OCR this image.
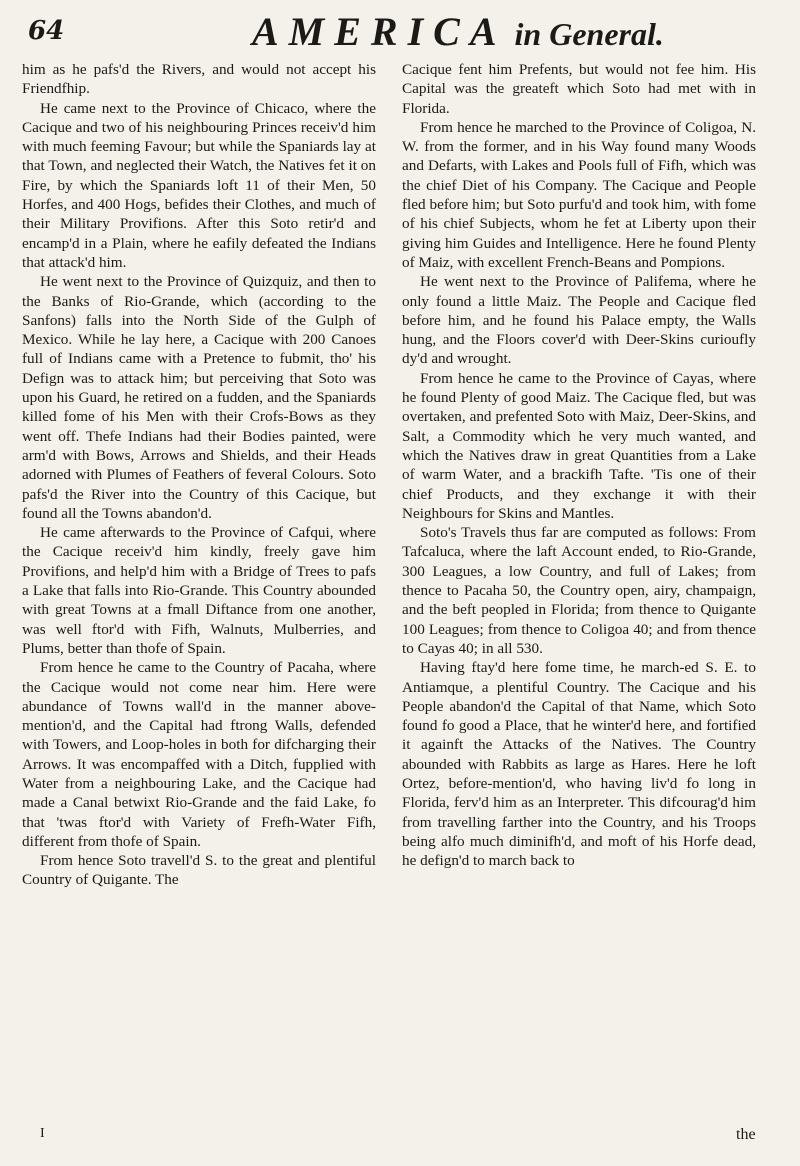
64	AMERICA in General.

him as he pafs'd the Rivers, and would not accept his Friendfhip.

He came next to the Province of Chicaco, where the Cacique and two of his neighbouring Princes receiv'd him with much feeming Favour; but while the Spaniards lay at that Town, and neglected their Watch, the Natives fet it on Fire, by which the Spaniards loft 11 of their Men, 50 Horfes, and 400 Hogs, befides their Clothes, and much of their Military Provifions. After this Soto retir'd and encamp'd in a Plain, where he eafily defeated the Indians that attack'd him.

He went next to the Province of Quizquiz, and then to the Banks of Rio-Grande, which (according to the Sanfons) falls into the North Side of the Gulph of Mexico. While he lay here, a Cacique with 200 Canoes full of Indians came with a Pretence to fubmit, tho' his Defign was to attack him; but perceiving that Soto was upon his Guard, he retired on a fudden, and the Spaniards killed fome of his Men with their Crofs-Bows as they went off. Thefe Indians had their Bodies painted, were arm'd with Bows, Arrows and Shields, and their Heads adorned with Plumes of Feathers of feveral Colours. Soto pafs'd the River into the Country of this Cacique, but found all the Towns abandon'd.

He came afterwards to the Province of Cafqui, where the Cacique receiv'd him kindly, freely gave him Provifions, and help'd him with a Bridge of Trees to pafs a Lake that falls into Rio-Grande. This Country abounded with great Towns at a fmall Diftance from one another, was well ftor'd with Fifh, Walnuts, Mulberries, and Plums, better than thofe of Spain.

From hence he came to the Country of Pacaha, where the Cacique would not come near him. Here were abundance of Towns wall'd in the manner above-mention'd, and the Capital had ftrong Walls, defended with Towers, and Loop-holes in both for difcharging their Arrows. It was encompaffed with a Ditch, fupplied with Water from a neighbouring Lake, and the Cacique had made a Canal betwixt Rio-Grande and the faid Lake, fo that 'twas ftor'd with Variety of Frefh-Water Fifh, different from thofe of Spain.

From hence Soto travell'd S. to the great and plentiful Country of Quigante. The

Cacique fent him Prefents, but would not fee him. His Capital was the greateft which Soto had met with in Florida.

From hence he marched to the Province of Coligoa, N. W. from the former, and in his Way found many Woods and Defarts, with Lakes and Pools full of Fifh, which was the chief Diet of his Company. The Cacique and People fled before him; but Soto purfu'd and took him, with fome of his chief Subjects, whom he fet at Liberty upon their giving him Guides and Intelligence. Here he found Plenty of Maiz, with excellent French-Beans and Pompions.

He went next to the Province of Palifema, where he only found a little Maiz. The People and Cacique fled before him, and he found his Palace empty, the Walls hung, and the Floors cover'd with Deer-Skins curioufly dy'd and wrought.

From hence he came to the Province of Cayas, where he found Plenty of good Maiz. The Cacique fled, but was overtaken, and prefented Soto with Maiz, Deer-Skins, and Salt, a Commodity which he very much wanted, and which the Natives draw in great Quantities from a Lake of warm Water, and a brackifh Tafte. 'Tis one of their chief Products, and they exchange it with their Neighbours for Skins and Mantles.

Soto's Travels thus far are computed as follows: From Tafcaluca, where the laft Account ended, to Rio-Grande, 300 Leagues, a low Country, and full of Lakes; from thence to Pacaha 50, the Country open, airy, champaign, and the beft peopled in Florida; from thence to Quigante 100 Leagues; from thence to Coligoa 40; and from thence to Cayas 40; in all 530.

Having ftay'd here fome time, he march-ed S. E. to Antiamque, a plentiful Country. The Cacique and his People abandon'd the Capital of that Name, which Soto found fo good a Place, that he winter'd here, and fortified it againft the Attacks of the Natives. The Country abounded with Rabbits as large as Hares. Here he loft Ortez, before-mention'd, who having liv'd fo long in Florida, ferv'd him as an Interpreter. This difcourag'd him from travelling farther into the Country, and his Troops being alfo much diminifh'd, and moft of his Horfe dead, he defign'd to march back to

I	the
